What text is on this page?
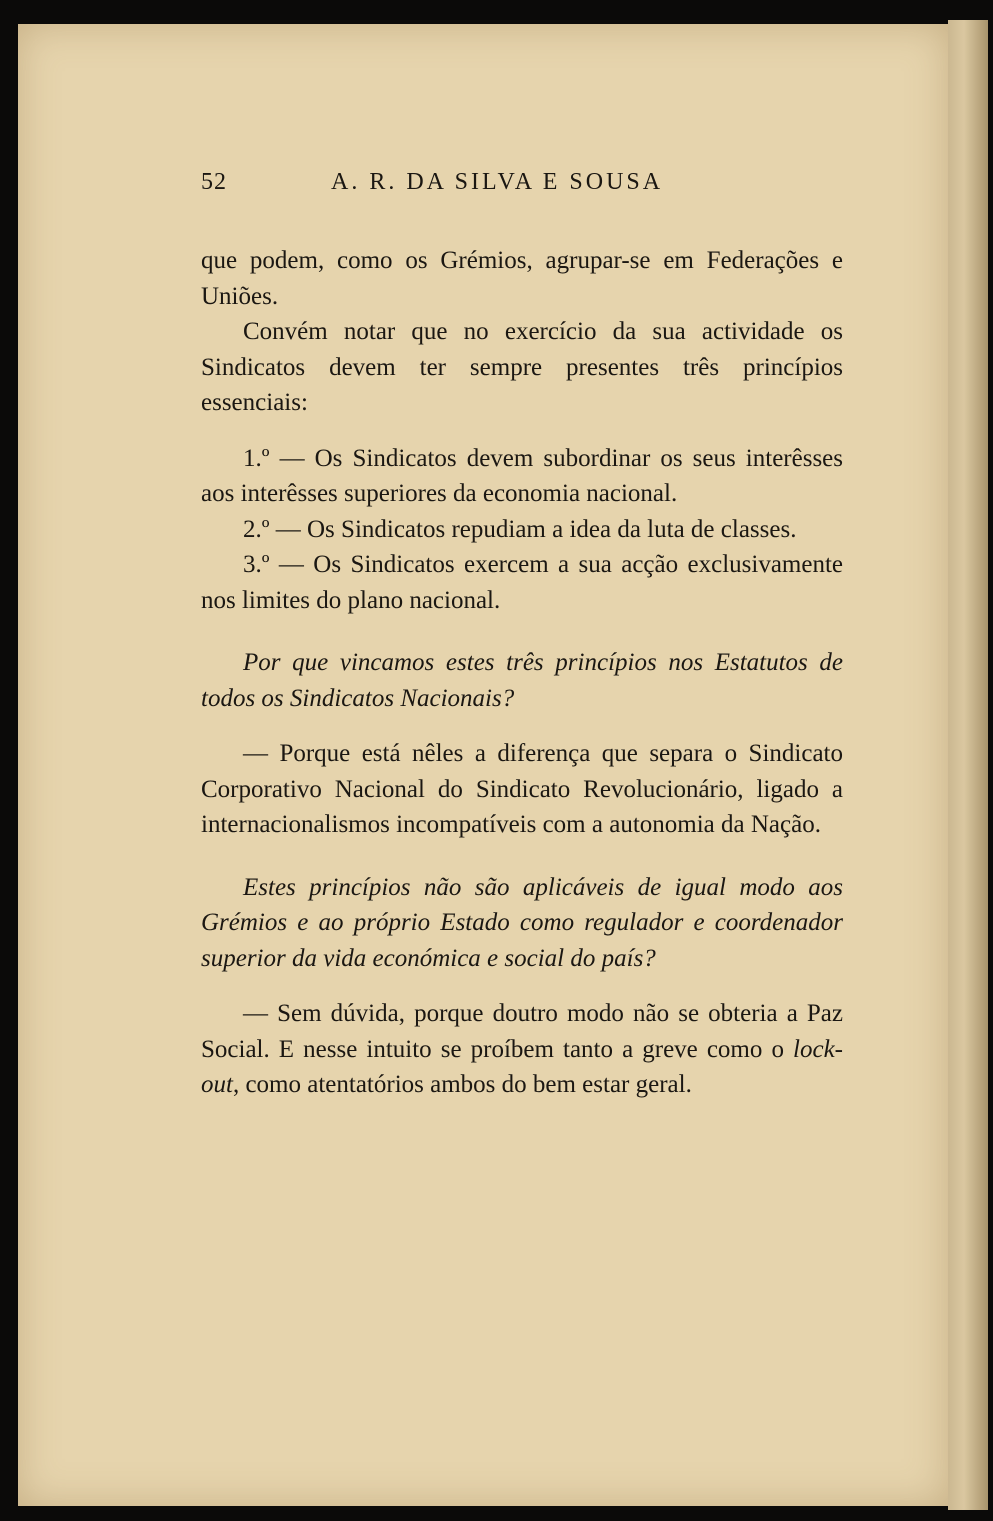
52	A. R. DA SILVA E SOUSA

que podem, como os Grémios, agrupar-se em Federações e Uniões.

Convém notar que no exercício da sua actividade os Sindicatos devem ter sempre presentes três princípios essenciais:

1.º — Os Sindicatos devem subordinar os seus interêsses aos interêsses superiores da economia nacional.

2.º — Os Sindicatos repudiam a idea da luta de classes.

3.º — Os Sindicatos exercem a sua acção exclusivamente nos limites do plano nacional.

Por que vincamos estes três princípios nos Estatutos de todos os Sindicatos Nacionais?

— Porque está nêles a diferença que separa o Sindicato Corporativo Nacional do Sindicato Revolucionário, ligado a internacionalismos incompatíveis com a autonomia da Nação.

Estes princípios não são aplicáveis de igual modo aos Grémios e ao próprio Estado como regulador e coordenador superior da vida económica e social do país?

— Sem dúvida, porque doutro modo não se obteria a Paz Social. E nesse intuito se proíbem tanto a greve como o lock-out, como atentatórios ambos do bem estar geral.
